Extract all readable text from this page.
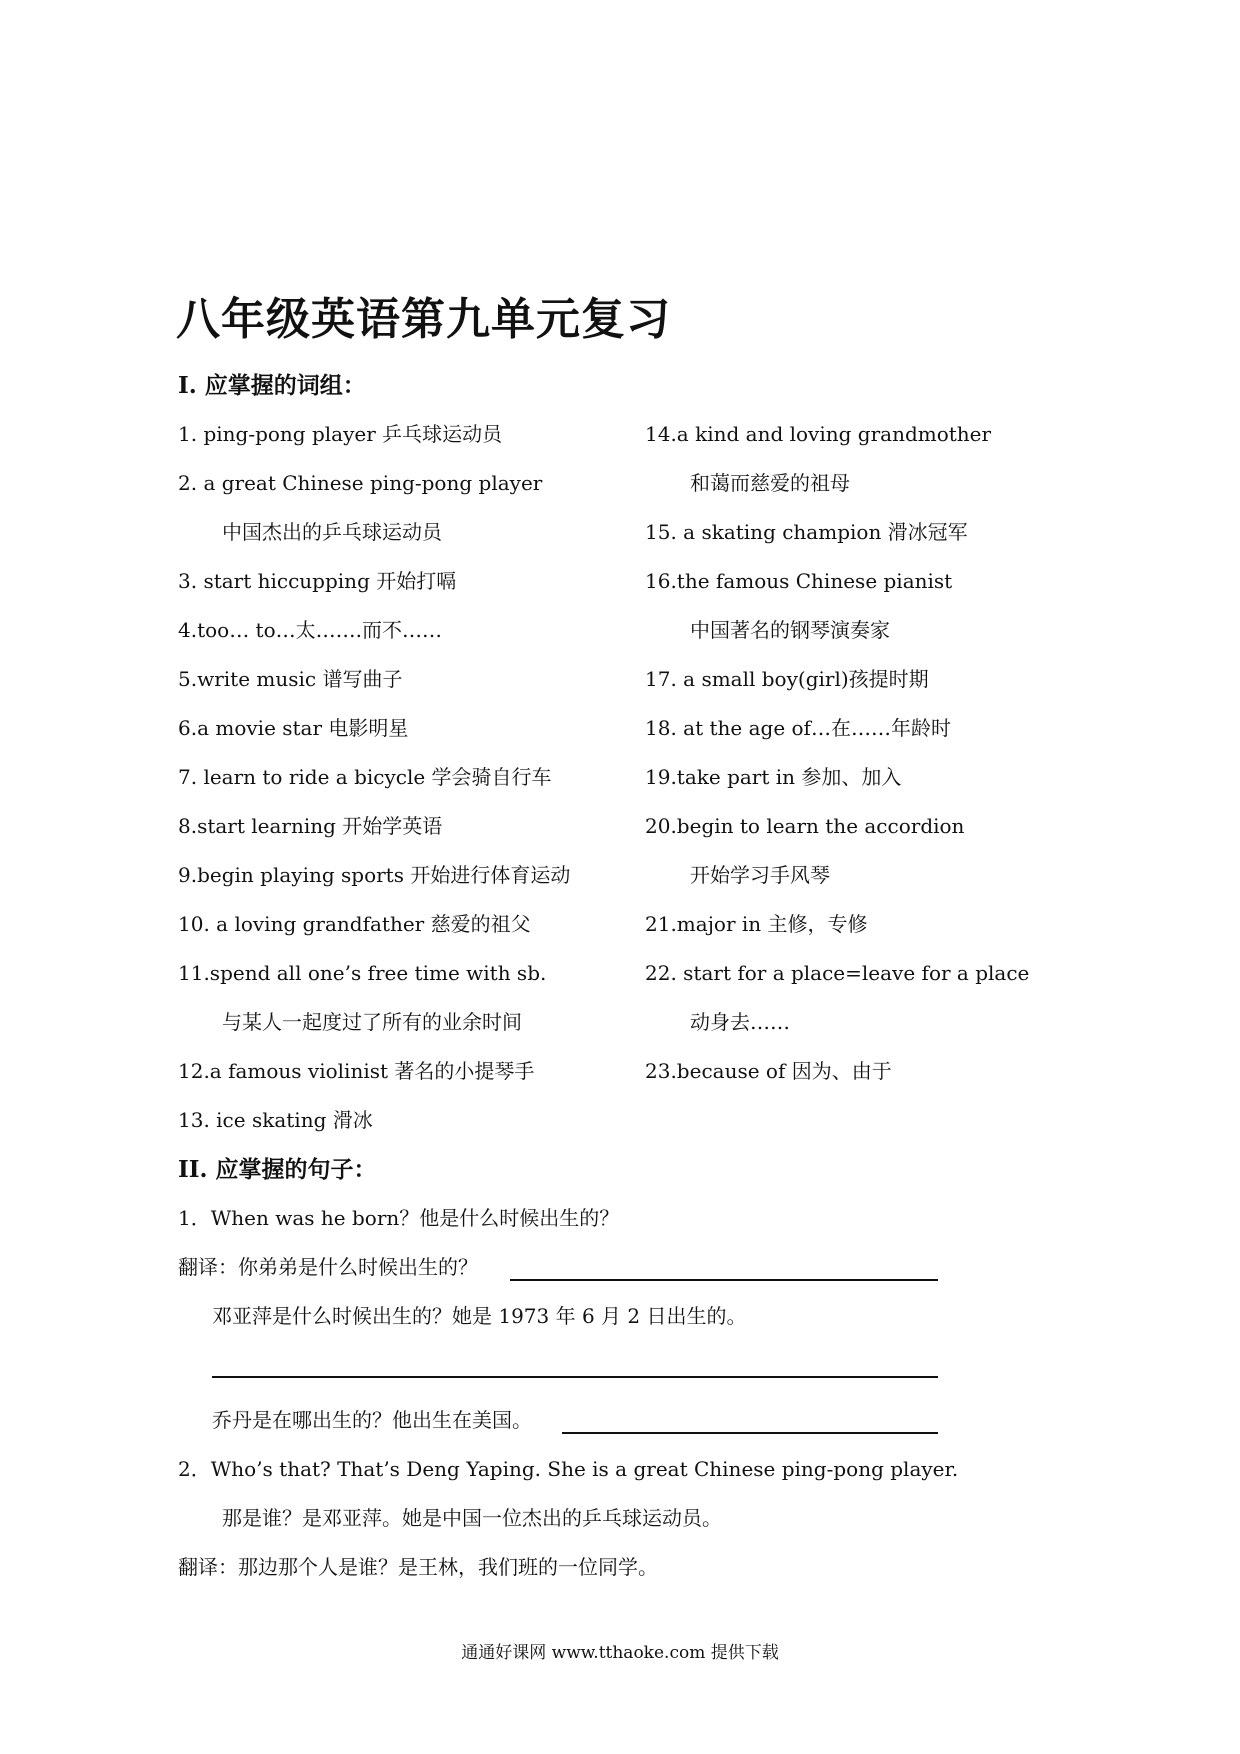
八年级英语第九单元复习
I. 应掌握的词组：
1. ping-pong player 乒乓球运动员
2. a great Chinese ping-pong player
中国杰出的乒乓球运动员
3. start hiccupping 开始打嗝
4.too… to…太…….而不……
5.write music 谱写曲子
6.a movie star 电影明星
7. learn to ride a bicycle 学会骑自行车
8.start learning 开始学英语
9.begin playing sports 开始进行体育运动
10. a loving grandfather 慈爱的祖父
11.spend all one’s free time with sb.
与某人一起度过了所有的业余时间
12.a famous violinist 著名的小提琴手
13. ice skating 滑冰
14.a kind and loving grandmother
和蔼而慈爱的祖母
15. a skating champion 滑冰冠军
16.the famous Chinese pianist
中国著名的钢琴演奏家
17. a small boy(girl)孩提时期
18. at the age of…在……年龄时
19.take part in 参加、加入
20.begin to learn the accordion
开始学习手风琴
21.major in 主修，专修
22. start for a place=leave for a place
动身去……
23.because of 因为、由于
II. 应掌握的句子：
1．When was he born？他是什么时候出生的？
翻译：你弟弟是什么时候出生的？
邓亚萍是什么时候出生的？她是 1973 年 6 月 2 日出生的。
乔丹是在哪出生的？他出生在美国。
2．Who’s that? That’s Deng Yaping. She is a great Chinese ping-pong player.
那是谁？是邓亚萍。她是中国一位杰出的乒乓球运动员。
翻译：那边那个人是谁？是王林，我们班的一位同学。
通通好课网 www.tthaoke.com 提供下载
